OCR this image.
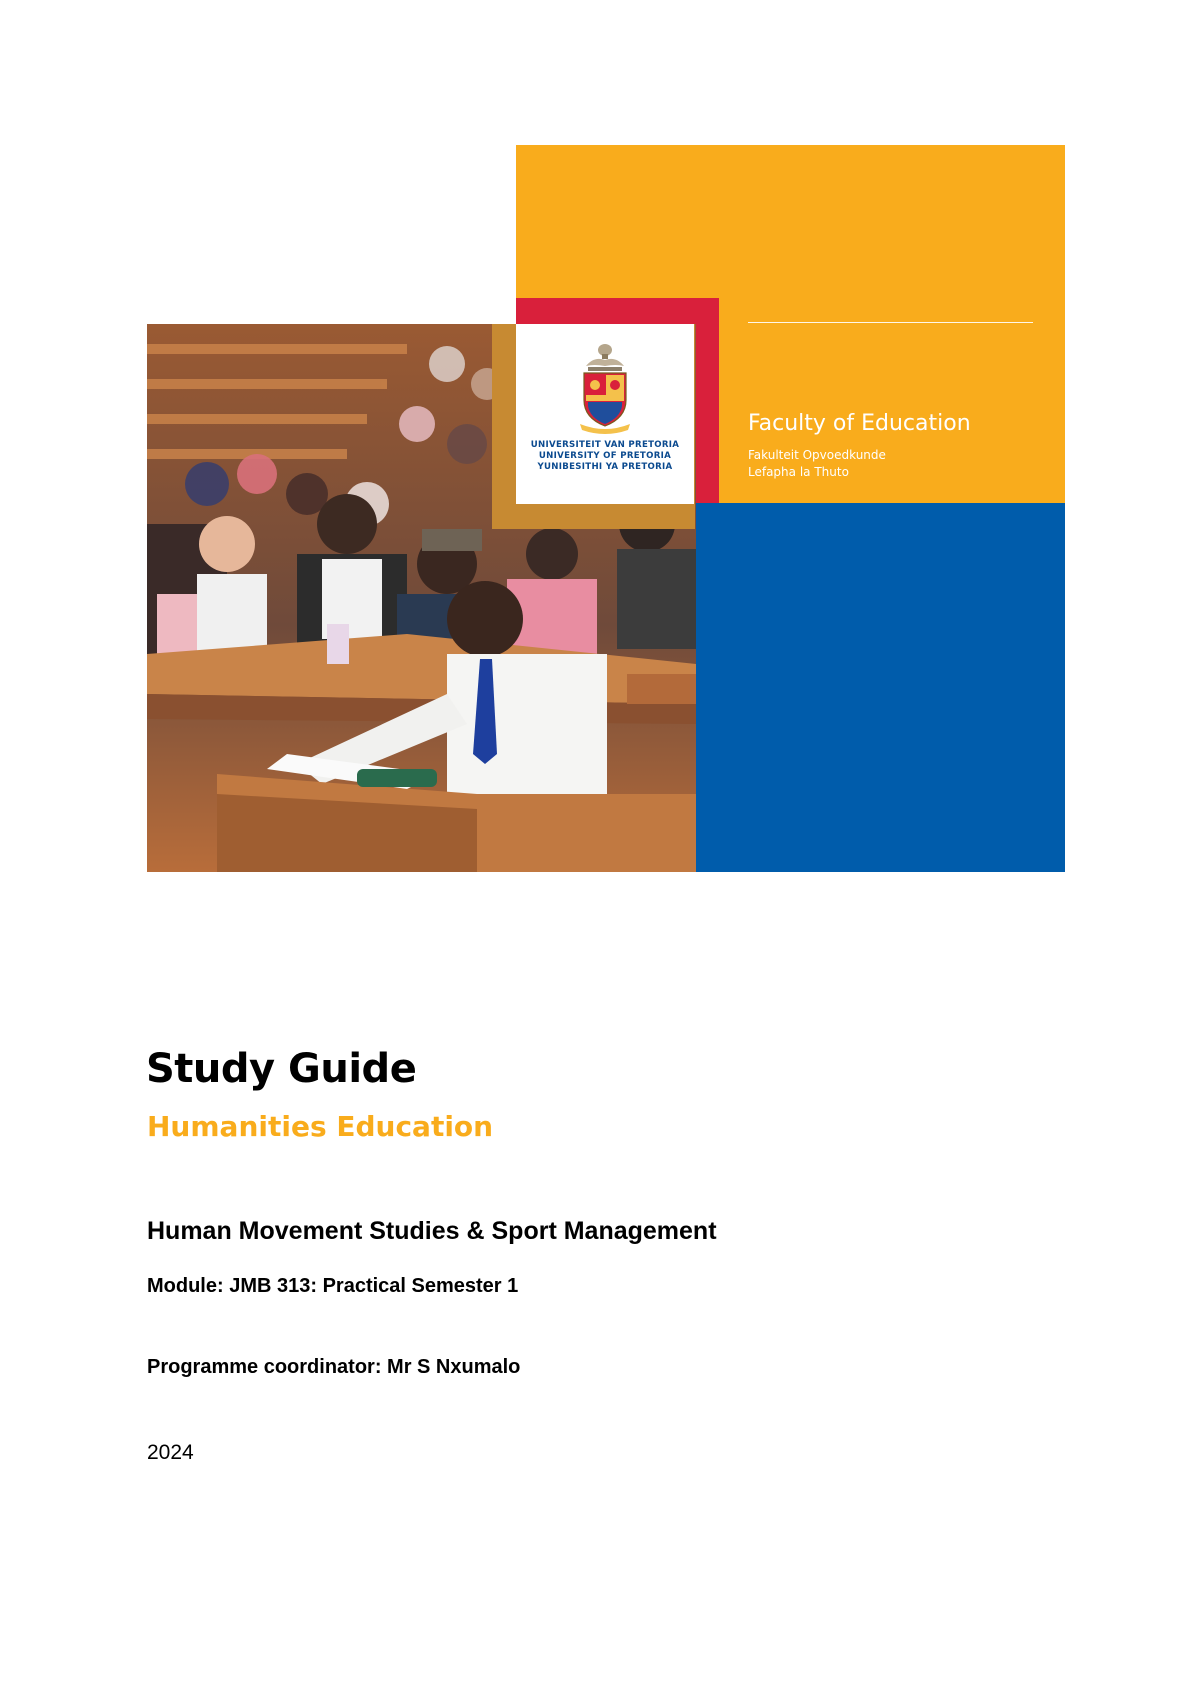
UNIVERSITEIT VAN PRETORIA
UNIVERSITY OF PRETORIA
YUNIBESITHI YA PRETORIA
Faculty of Education
Fakulteit Opvoedkunde
Lefapha la Thuto
Study Guide
Humanities Education
Human Movement Studies & Sport Management
Module: JMB 313: Practical Semester 1
Programme coordinator: Mr S Nxumalo
2024
